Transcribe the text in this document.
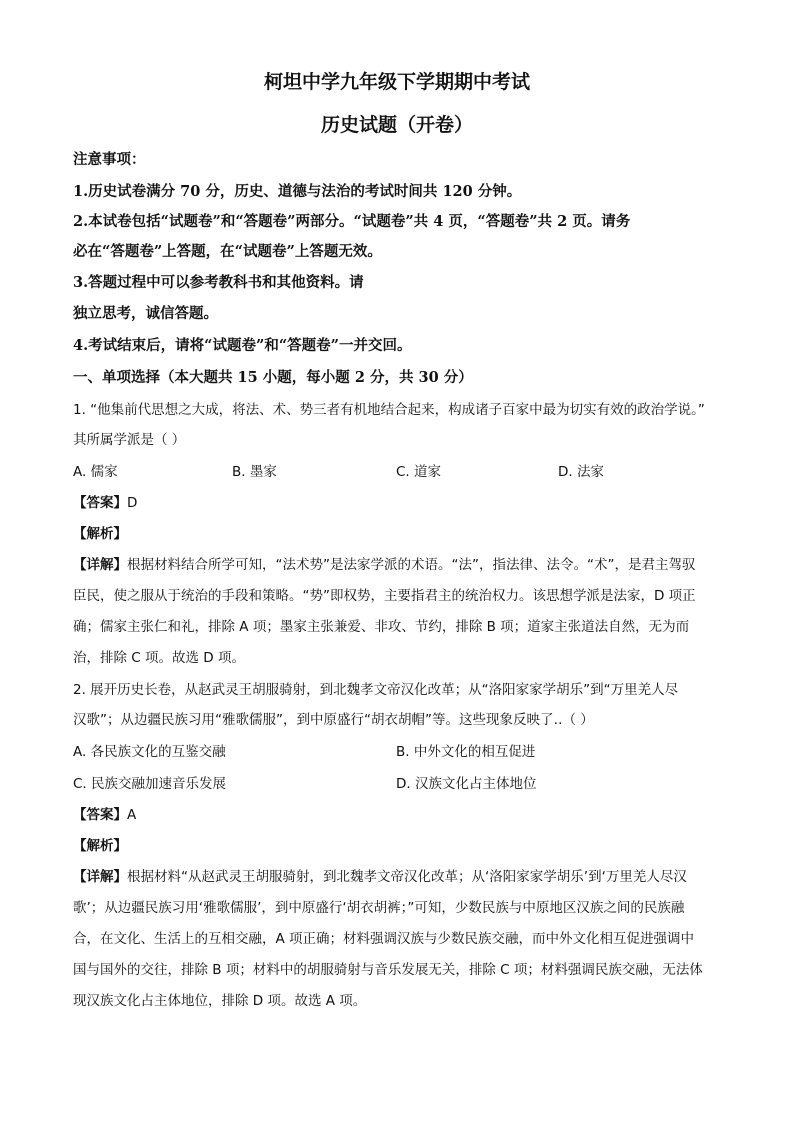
柯坦中学九年级下学期期中考试
历史试题（开卷）
注意事项：
1.历史试卷满分 70 分，历史、道德与法治的考试时间共 120 分钟。
2.本试卷包括“试题卷”和“答题卷”两部分。“试题卷”共 4 页，“答题卷”共 2 页。请务
必在“答题卷”上答题，在“试题卷”上答题无效。
3.答题过程中可以参考教科书和其他资料。请
独立思考，诚信答题。
4.考试结束后，请将“试题卷”和“答题卷”一并交回。
一、单项选择（本大题共 15 小题，每小题 2 分，共 30 分）
1. “他集前代思想之大成，将法、术、势三者有机地结合起来，构成诸子百家中最为切实有效的政治学说。”
其所属学派是（ ）
A. 儒家	B. 墨家	C. 道家	D. 法家
【答案】D
【解析】
【详解】根据材料结合所学可知，“法术势”是法家学派的术语。“法”，指法律、法令。“术”，是君主驾驭
臣民，使之服从于统治的手段和策略。“势”即权势，主要指君主的统治权力。该思想学派是法家，D 项正
确；儒家主张仁和礼，排除 A 项；墨家主张兼爱、非攻、节约，排除 B 项；道家主张道法自然，无为而
治，排除 C 项。故选 D 项。
2. 展开历史长卷，从赵武灵王胡服骑射，到北魏孝文帝汉化改革；从“洛阳家家学胡乐”到“万里羌人尽
汉歌”；从边疆民族习用“雅歌儒服”，到中原盛行“胡衣胡帽”等。这些现象反映了‥（ ）
A. 各民族文化的互鉴交融	B. 中外文化的相互促进
C. 民族交融加速音乐发展	D. 汉族文化占主体地位
【答案】A
【解析】
【详解】根据材料“从赵武灵王胡服骑射，到北魏孝文帝汉化改革；从‘洛阳家家学胡乐’到‘万里羌人尽汉
歌’；从边疆民族习用‘雅歌儒服’，到中原盛行‘胡衣胡裤；”可知，少数民族与中原地区汉族之间的民族融
合，在文化、生活上的互相交融，A 项正确；材料强调汉族与少数民族交融，而中外文化相互促进强调中
国与国外的交往，排除 B 项；材料中的胡服骑射与音乐发展无关，排除 C 项；材料强调民族交融，无法体
现汉族文化占主体地位，排除 D 项。故选 A 项。
